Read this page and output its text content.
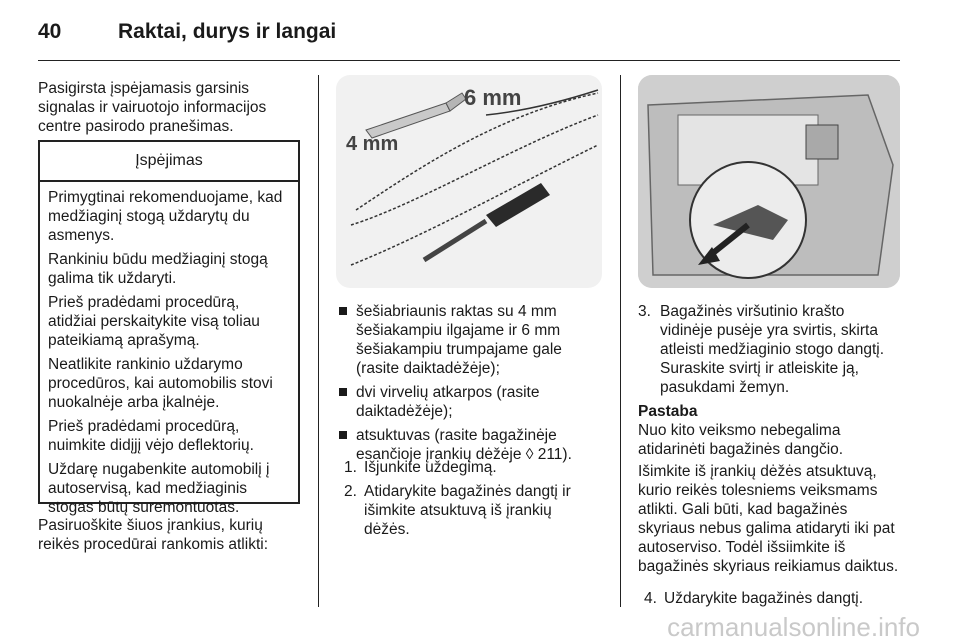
40	Raktai, durys ir langai

Pasigirsta įspėjamasis garsinis signalas ir vairuotojo informacijos centre pasirodo pranešimas.

Įspėjimas

Primygtinai rekomenduojame, kad medžiaginį stogą uždarytų du asmenys.

Rankiniu būdu medžiaginį stogą galima tik uždaryti.

Prieš pradėdami procedūrą, atidžiai perskaitykite visą toliau pateikiamą aprašymą.

Neatlikite rankinio uždarymo procedūros, kai automobilis stovi nuokalnėje arba įkalnėje.

Prieš pradėdami procedūrą, nuimkite didįjį vėjo deflektorių.

Uždarę nugabenkite automobilį į autoservisą, kad medžiaginis stogas būtų suremontuotas.

Pasiruoškite šiuos įrankius, kurių reikės procedūrai rankomis atlikti:

6 mm
4 mm
šešiabriaunis raktas su 4 mm šešiakampiu ilgajame ir 6 mm šešiakampiu trumpajame gale (rasite daiktadėžėje);
dvi virvelių atkarpos (rasite daiktadėžėje);
atsuktuvas (rasite bagažinėje esančioje įrankių dėžėje ◊ 211).
1. Išjunkite uždegimą.
2. Atidarykite bagažinės dangtį ir išimkite atsuktuvą iš įrankių dėžės.
3. Bagažinės viršutinio krašto vidinėje pusėje yra svirtis, skirta atleisti medžiaginio stogo dangtį. Suraskite svirtį ir atleiskite ją, pasukdami žemyn.
Pastaba
Nuo kito veiksmo nebegalima atidarinėti bagažinės dangčio.

Išimkite iš įrankių dėžės atsuktuvą, kurio reikės tolesniems veiksmams atlikti. Gali būti, kad bagažinės skyriaus nebus galima atidaryti iki pat autoserviso. Todėl išsiimkite iš bagažinės skyriaus reikiamus daiktus.

4. Uždarykite bagažinės dangtį.
carmanualsonline.info
